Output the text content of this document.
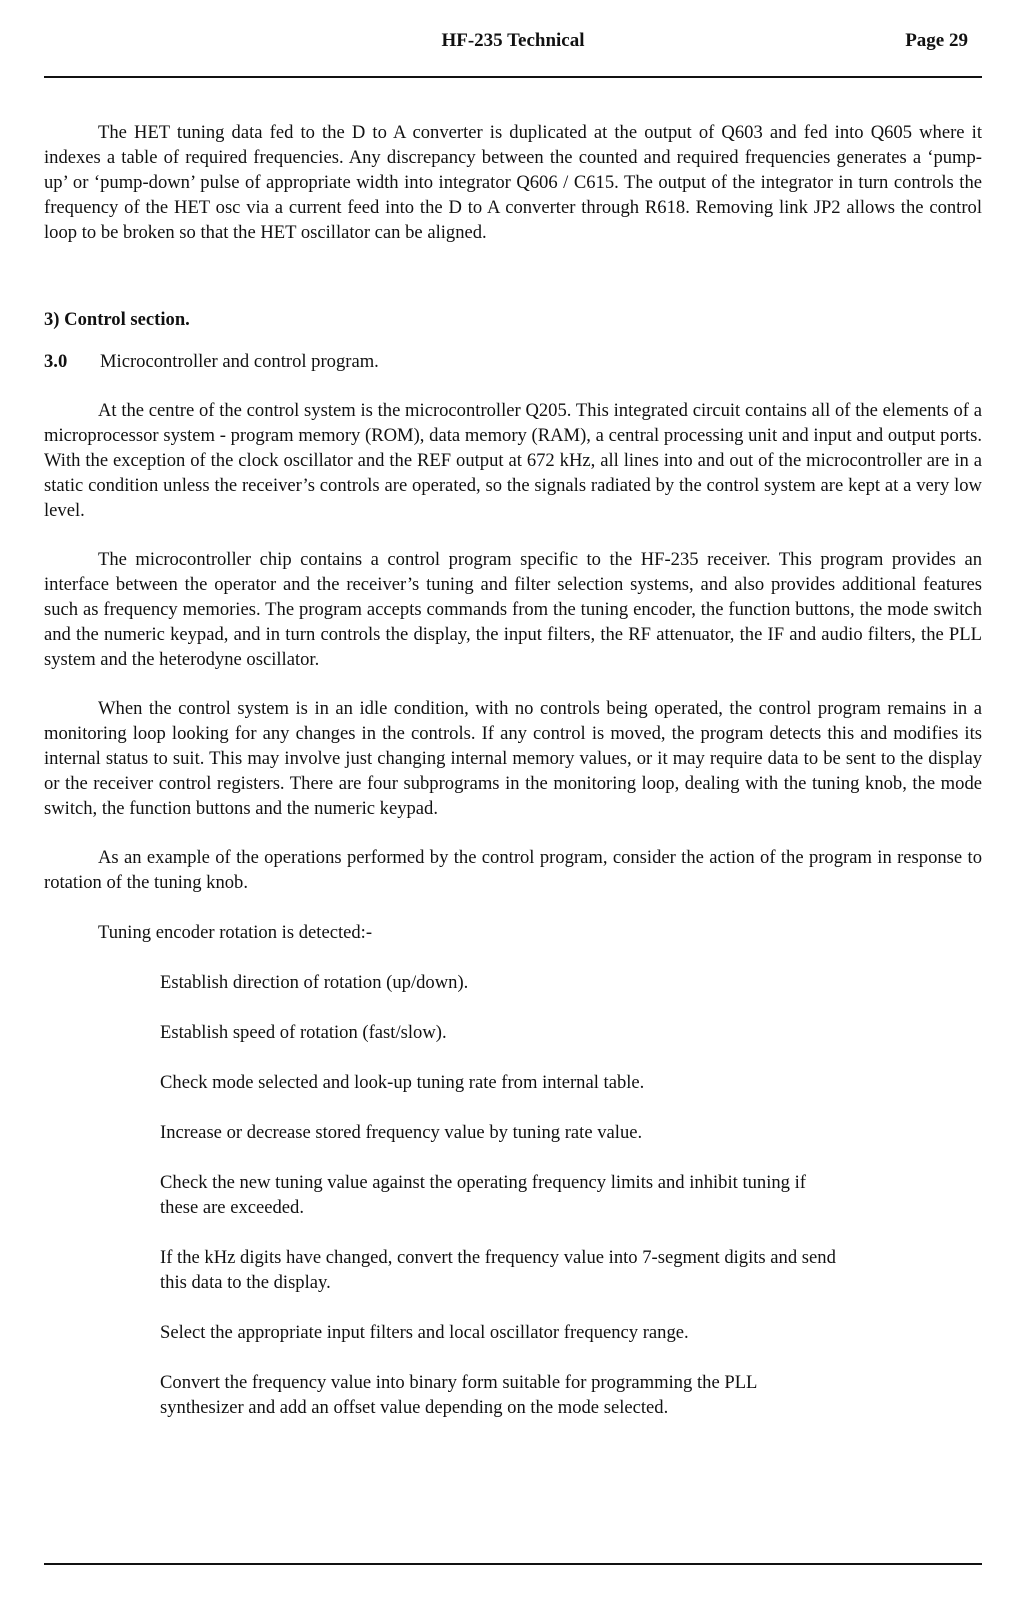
HF-235 Technical	Page 29

The HET tuning data fed to the D to A converter is duplicated at the output of Q603 and fed into Q605 where it indexes a table of required frequencies. Any discrepancy between the counted and required frequencies generates a ‘pump-up’ or ‘pump-down’ pulse of appropriate width into integrator Q606 / C615. The output of the integrator in turn controls the frequency of the HET osc via a current feed into the D to A converter through R618. Removing link JP2 allows the control loop to be broken so that the HET oscillator can be aligned.

3) Control section.

3.0	Microcontroller and control program.

At the centre of the control system is the microcontroller Q205. This integrated circuit contains all of the elements of a microprocessor system - program memory (ROM), data memory (RAM), a central processing unit and input and output ports. With the exception of the clock oscillator and the REF output at 672 kHz, all lines into and out of the microcontroller are in a static condition unless the receiver’s controls are operated, so the signals radiated by the control system are kept at a very low level.

The microcontroller chip contains a control program specific to the HF-235 receiver. This program provides an interface between the operator and the receiver’s tuning and filter selection systems, and also provides additional features such as frequency memories. The program accepts commands from the tuning encoder, the function buttons, the mode switch and the numeric keypad, and in turn controls the display, the input filters, the RF attenuator, the IF and audio filters, the PLL system and the heterodyne oscillator.

When the control system is in an idle condition, with no controls being operated, the control program remains in a monitoring loop looking for any changes in the controls. If any control is moved, the program detects this and modifies its internal status to suit. This may involve just changing internal memory values, or it may require data to be sent to the display or the receiver control registers. There are four subprograms in the monitoring loop, dealing with the tuning knob, the mode switch, the function buttons and the numeric keypad.

As an example of the operations performed by the control program, consider the action of the program in response to rotation of the tuning knob.

Tuning encoder rotation is detected:-

Establish direction of rotation (up/down).
Establish speed of rotation (fast/slow).
Check mode selected and look-up tuning rate from internal table.
Increase or decrease stored frequency value by tuning rate value.
Check the new tuning value against the operating frequency limits and inhibit tuning if these are exceeded.
If the kHz digits have changed, convert the frequency value into 7-segment digits and send this data to the display.
Select the appropriate input filters and local oscillator frequency range.
Convert the frequency value into binary form suitable for programming the PLL synthesizer and add an offset value depending on the mode selected.
